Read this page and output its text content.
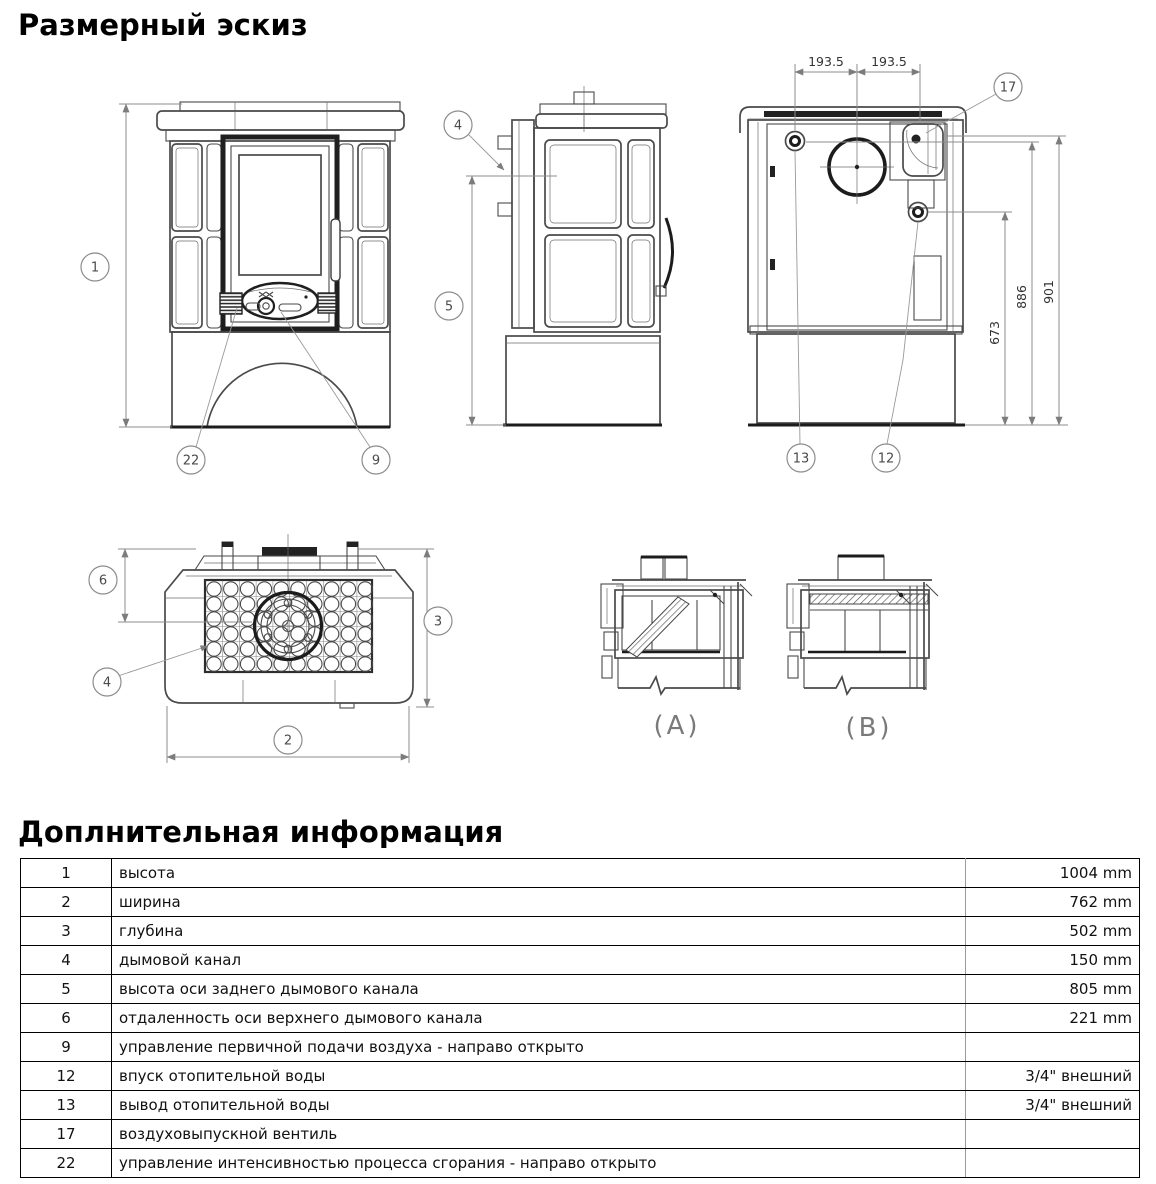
Размерный эскиз
1
22	9
5
4
193.5 193.5
673
886 901
13	12
17
6
3
4
2
(A)	(B)
Доплнительная информация
1	высота	1004 mm
2	ширина	762 mm
3	глубина	502 mm
4	дымовой канал	150 mm
5	высота оси заднего дымового канала	805 mm
6	отдаленность оси верхнего дымового канала	221 mm
9	управление первичной подачи воздуха - направо открыто	
12	впуск отопительной воды	3/4" внешний
13	вывод отопительной воды	3/4" внешний
17	воздуховыпускной вентиль	
22	управление интенсивностью процесса сгорания - направо открыто	
